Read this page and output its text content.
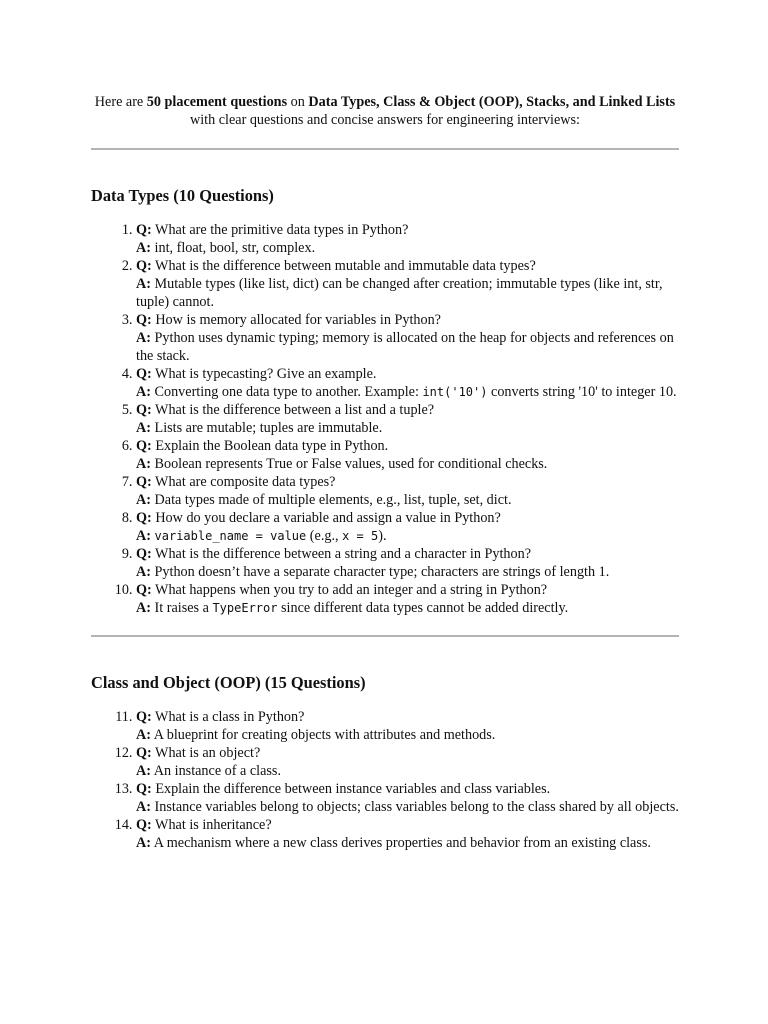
Here are 50 placement questions on Data Types, Class & Object (OOP), Stacks, and Linked Lists with clear questions and concise answers for engineering interviews:

Data Types (10 Questions)
1. Q: What are the primitive data types in Python?
A: int, float, bool, str, complex.
2. Q: What is the difference between mutable and immutable data types?
A: Mutable types (like list, dict) can be changed after creation; immutable types (like int, str, tuple) cannot.
3. Q: How is memory allocated for variables in Python?
A: Python uses dynamic typing; memory is allocated on the heap for objects and references on the stack.
4. Q: What is typecasting? Give an example.
A: Converting one data type to another. Example: int('10') converts string '10' to integer 10.
5. Q: What is the difference between a list and a tuple?
A: Lists are mutable; tuples are immutable.
6. Q: Explain the Boolean data type in Python.
A: Boolean represents True or False values, used for conditional checks.
7. Q: What are composite data types?
A: Data types made of multiple elements, e.g., list, tuple, set, dict.
8. Q: How do you declare a variable and assign a value in Python?
A: variable_name = value (e.g., x = 5).
9. Q: What is the difference between a string and a character in Python?
A: Python doesn’t have a separate character type; characters are strings of length 1.
10. Q: What happens when you try to add an integer and a string in Python?
A: It raises a TypeError since different data types cannot be added directly.
Class and Object (OOP) (15 Questions)
11. Q: What is a class in Python?
A: A blueprint for creating objects with attributes and methods.
12. Q: What is an object?
A: An instance of a class.
13. Q: Explain the difference between instance variables and class variables.
A: Instance variables belong to objects; class variables belong to the class shared by all objects.
14. Q: What is inheritance?
A: A mechanism where a new class derives properties and behavior from an existing class.
